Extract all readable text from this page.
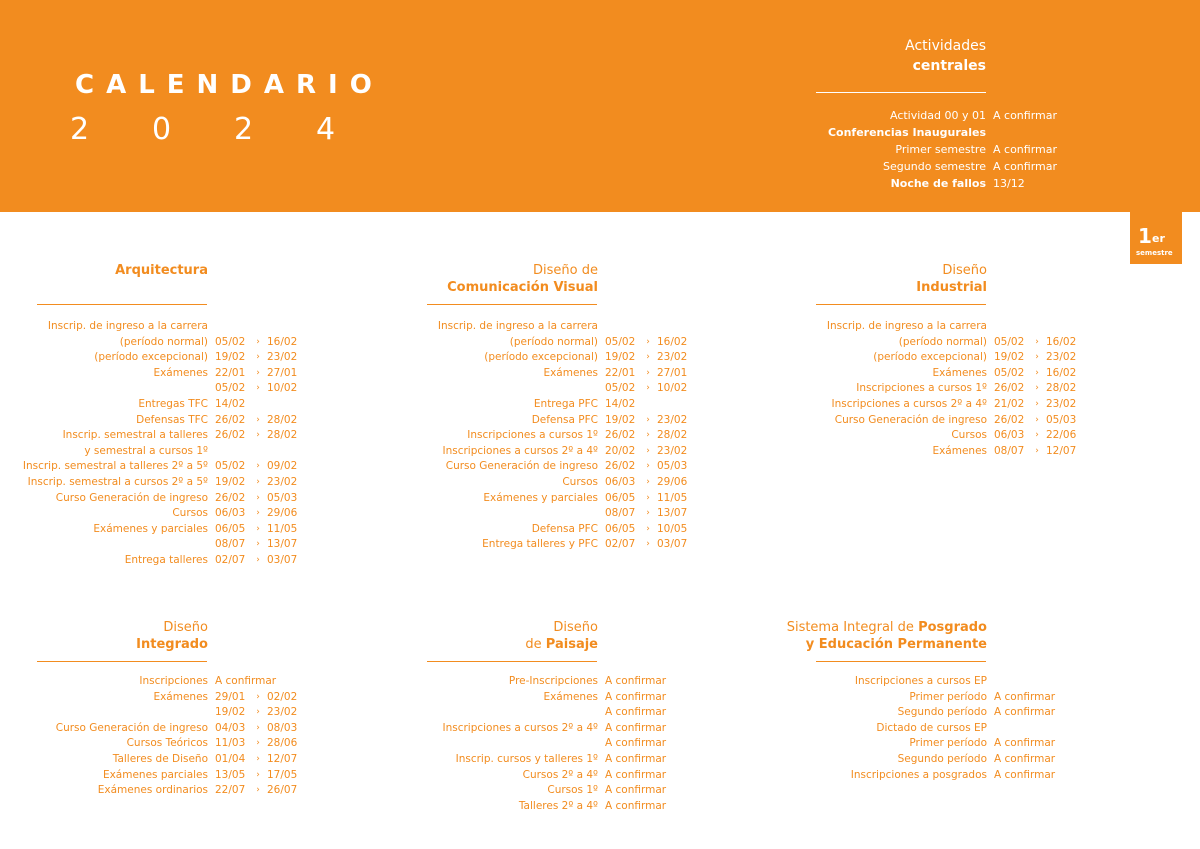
CALENDARIO
2 0 2 4
Actividades
centrales
Actividad 00 y 01 A confirmar
Conferencias Inaugurales
Primer semestre A confirmar
Segundo semestre A confirmar
Noche de fallos 13/12
1 er
semestre
Arquitectura
Inscrip. de ingreso a la carrera
(período normal) 05/02	› 16/02
(período excepcional) 19/02	› 23/02
Exámenes 22/01	› 27/01
05/02	› 10/02
Entregas TFC 14/02
Defensas TFC 26/02	› 28/02
Inscrip. semestral a talleres 26/02	› 28/02
y semestral a cursos 1º
Inscrip. semestral a talleres 2º a 5º 05/02	› 09/02
Inscrip. semestral a cursos 2º a 5º 19/02	› 23/02
Curso Generación de ingreso 26/02	› 05/03
Cursos 06/03	› 29/06
Exámenes y parciales 06/05	› 11/05
08/07	› 13/07
Entrega talleres 02/07	› 03/07
Diseño de
Comunicación Visual
Inscrip. de ingreso a la carrera
(período normal) 05/02	› 16/02
(período excepcional) 19/02	› 23/02
Exámenes 22/01	› 27/01
05/02	› 10/02
Entrega PFC 14/02
Defensa PFC 19/02	› 23/02
Inscripciones a cursos 1º 26/02	› 28/02
Inscripciones a cursos 2º a 4º 20/02	› 23/02
Curso Generación de ingreso 26/02	› 05/03
Cursos 06/03	› 29/06
Exámenes y parciales 06/05	› 11/05
08/07	› 13/07
Defensa PFC 06/05	› 10/05
Entrega talleres y PFC 02/07	› 03/07
Diseño
Industrial
Inscrip. de ingreso a la carrera
(período normal) 05/02	› 16/02
(período excepcional) 19/02	› 23/02
Exámenes 05/02	› 16/02
Inscripciones a cursos 1º 26/02	› 28/02
Inscripciones a cursos 2º a 4º 21/02	› 23/02
Curso Generación de ingreso 26/02	› 05/03
Cursos 06/03	› 22/06
Exámenes 08/07	› 12/07
Diseño
Integrado
Inscripciones A confirmar
Exámenes 29/01	› 02/02
19/02	› 23/02
Curso Generación de ingreso 04/03	› 08/03
Cursos Teóricos 11/03	› 28/06
Talleres de Diseño 01/04	› 12/07
Exámenes parciales 13/05	› 17/05
Exámenes ordinarios 22/07	› 26/07
Diseño
de Paisaje
Pre-Inscripciones A confirmar
Exámenes A confirmar
A confirmar
Inscripciones a cursos 2º a 4º A confirmar
A confirmar
Inscrip. cursos y talleres 1º A confirmar
Cursos 2º a 4º A confirmar
Cursos 1º A confirmar
Talleres 2º a 4º A confirmar
Sistema Integral de Posgrado
y Educación Permanente
Inscripciones a cursos EP
Primer período A confirmar
Segundo período A confirmar
Dictado de cursos EP
Primer período A confirmar
Segundo período A confirmar
Inscripciones a posgrados A confirmar
